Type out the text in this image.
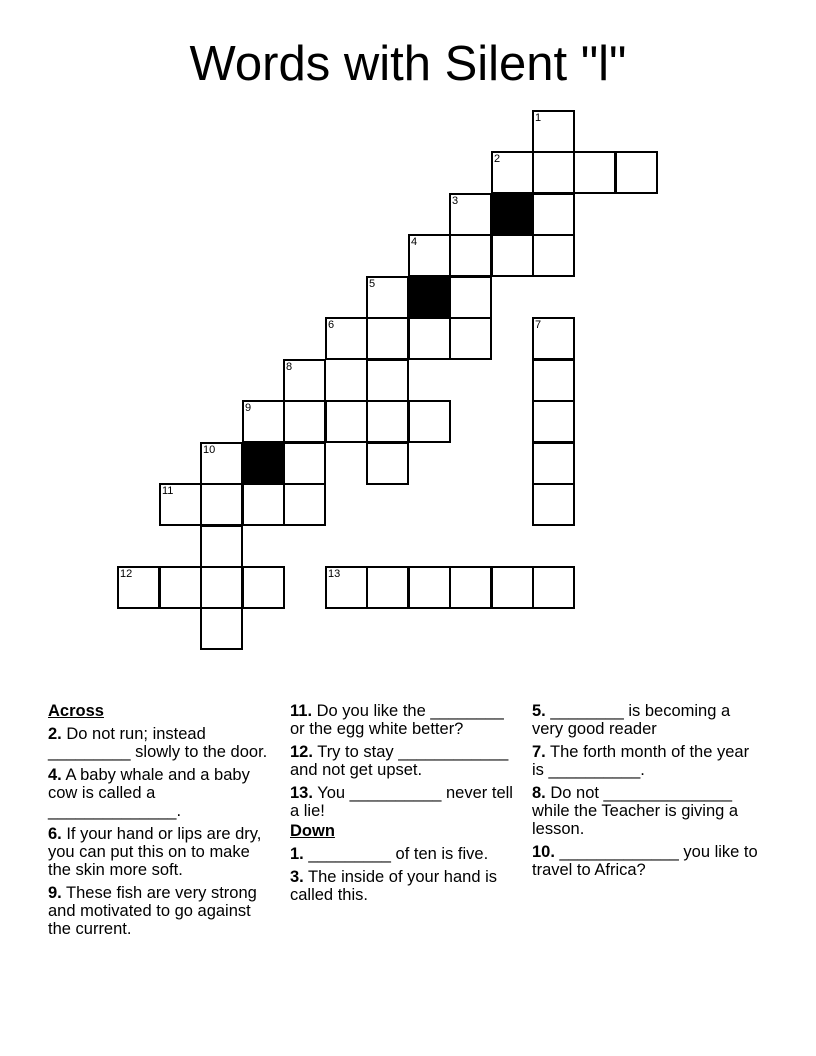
Words with Silent "l"
1
2
3
4
5
6	7
8
9
10
11
12	13
Across
2. Do not run; instead _________ slowly to the door.
4. A baby whale and a baby cow is called a ______________.
6. If your hand or lips are dry, you can put this on to make the skin more soft.
9. These fish are very strong and motivated to go against the current.
11. Do you like the ________ or the egg white better?
12. Try to stay ____________ and not get upset.
13. You __________ never tell a lie!
Down
1. _________ of ten is five.
3. The inside of your hand is called this.
5. ________ is becoming a very good reader
7. The forth month of the year is __________.
8. Do not ______________ while the Teacher is giving a lesson.
10. _____________ you like to travel to Africa?
